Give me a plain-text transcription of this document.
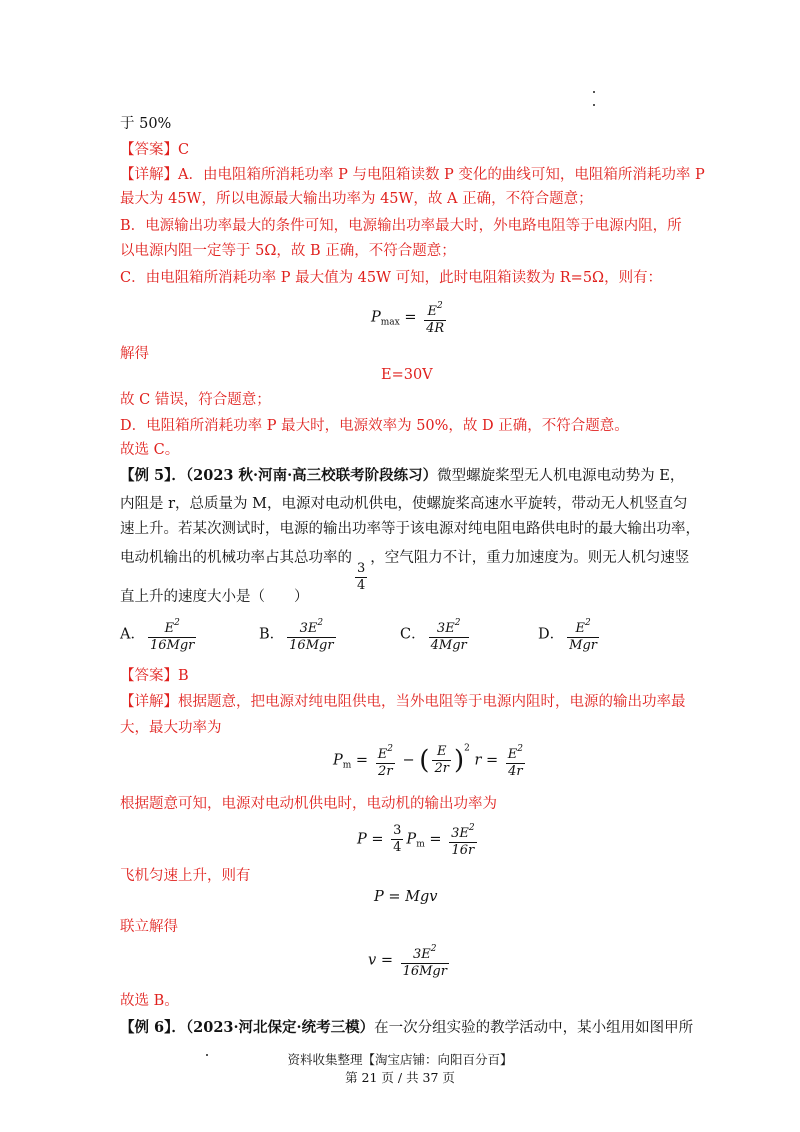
于 50%
【答案】C
【详解】A．由电阻箱所消耗功率 P 与电阻箱读数 P 变化的曲线可知，电阻箱所消耗功率 P
最大为 45W，所以电源最大输出功率为 45W，故 A 正确，不符合题意；
B．电源输出功率最大的条件可知，电源输出功率最大时，外电路电阻等于电源内阻，所
以电源内阻一定等于 5Ω，故 B 正确，不符合题意；
C．由电阻箱所消耗功率 P 最大值为 45W 可知，此时电阻箱读数为 R=5Ω，则有：
$P_{max} = \frac{E^2}{4R}$
解得
E=30V
故 C 错误，符合题意；
D．电阻箱所消耗功率 P 最大时，电源效率为 50%，故 D 正确，不符合题意。
故选 C。
【例 5】．（2023 秋·河南·高三校联考阶段练习）微型螺旋桨型无人机电源电动势为 E，
内阻是 r，总质量为 M，电源对电动机供电，使螺旋桨高速水平旋转，带动无人机竖直匀
速上升。若某次测试时，电源的输出功率等于该电源对纯电阻电路供电时的最大输出功率，
电动机输出的机械功率占其总功率的
$\frac{3}{4}$
，空气阻力不计，重力加速度为。则无人机匀速竖
直上升的速度大小是（　　）
A． $\frac{E^2}{\text{16Mgr}}$	B． $\frac{3E^2}{\text{16Mgr}}$	C． $\frac{3E^2}{\text{4Mgr}}$	D． $\frac{E^2}{\text{Mgr}}$
【答案】B
【详解】根据题意，把电源对纯电阻供电，当外电阻等于电源内阻时，电源的输出功率最
大，最大功率为
$P_m = \frac{E^2}{2r}$ − ( $\frac{E}{2r} )^2$ $r = \frac{E^2}{4r}$
根据题意可知，电源对电动机供电时，电动机的输出功率为
$P = \frac{3}{4} P_m = \frac{3E^2}{16r}$
飞机匀速上升，则有
P = Mgv
联立解得
$v = \frac{3E^2}{\text{16Mgr}}$
故选 B。
【例 6】．（2023·河北保定·统考三模）在一次分组实验的教学活动中，某小组用如图甲所
资料收集整理【淘宝店铺：向阳百分百】
第 21 页 / 共 37 页
